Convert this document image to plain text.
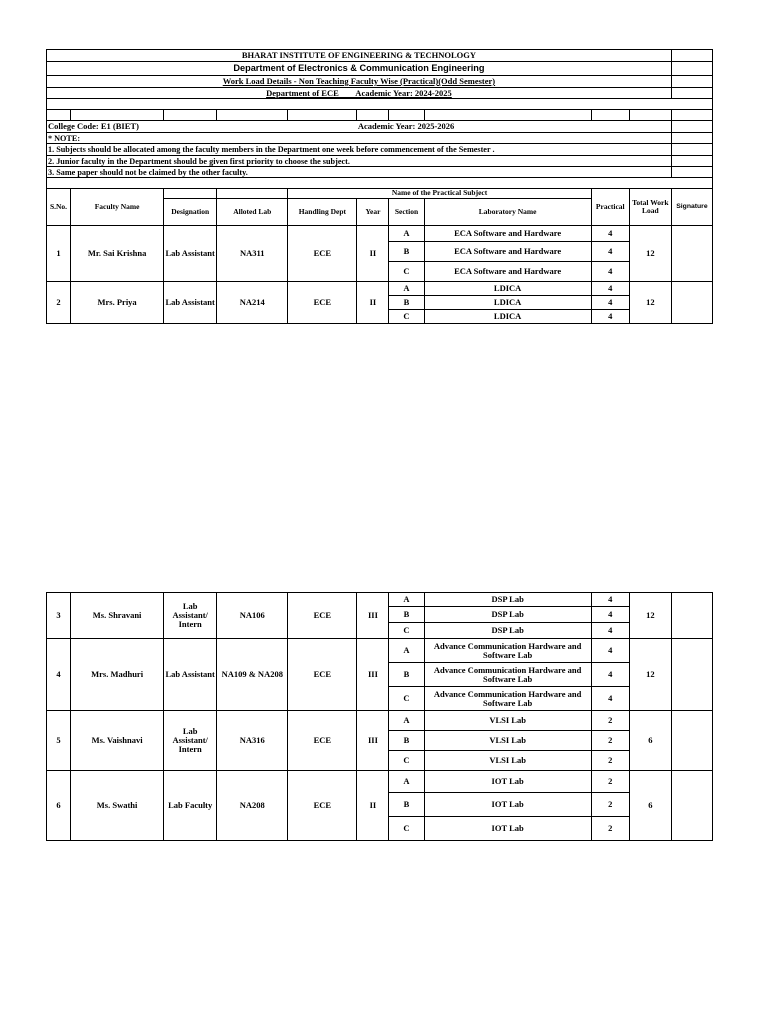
BHARAT INSTITUTE OF ENGINEERING & TECHNOLOGY										
Department of Electronics & Communication Engineering										
Work Load Details - Non Teaching Faculty Wise (Practical)(Odd Semester)										
Department of ECE        Academic Year: 2024-2025										

College Code: E1 (BIET)				Academic Year: 2025-2026						
* NOTE:										
1. Subjects should be allocated among the faculty members in the Department one week before commencement of the Semester .										
2. Junior faculty in the Department should be given first priority to choose the subject.										
3. Same paper should not be claimed by the other faculty.										

S.No.	Faculty Name			Name of the Practical Subject				Practical	Total Work Load	Signature
		Designation	Alloted Lab	Handling Dept	Year	Section	Laboratory Name			
1	Mr. Sai Krishna	Lab Assistant	NA311	ECE	II	A	ECA Software and Hardware	4	12	
						B	ECA Software and Hardware	4		
						C	ECA Software and Hardware	4		
2	Mrs. Priya	Lab Assistant	NA214	ECE	II	A	LDICA	4	12	
						B	LDICA	4		
						C	LDICA	4		
3	Ms. Shravani	Lab Assistant/ Intern	NA106	ECE	III	A	DSP Lab	4	12	
						B	DSP Lab	4		
						C	DSP Lab	4		
4	Mrs. Madhuri	Lab Assistant	NA109 & NA208	ECE	III	A	Advance Communication Hardware and Software Lab	4	12	
						B	Advance Communication Hardware and Software Lab	4		
						C	Advance Communication Hardware and Software Lab	4		
5	Ms. Vaishnavi	Lab Assistant/ Intern	NA316	ECE	III	A	VLSI Lab	2	6	
						B	VLSI Lab	2		
						C	VLSI Lab	2		
6	Ms. Swathi	Lab Faculty	NA208	ECE	II	A	IOT Lab	2	6	
						B	IOT Lab	2		
						C	IOT Lab	2		
